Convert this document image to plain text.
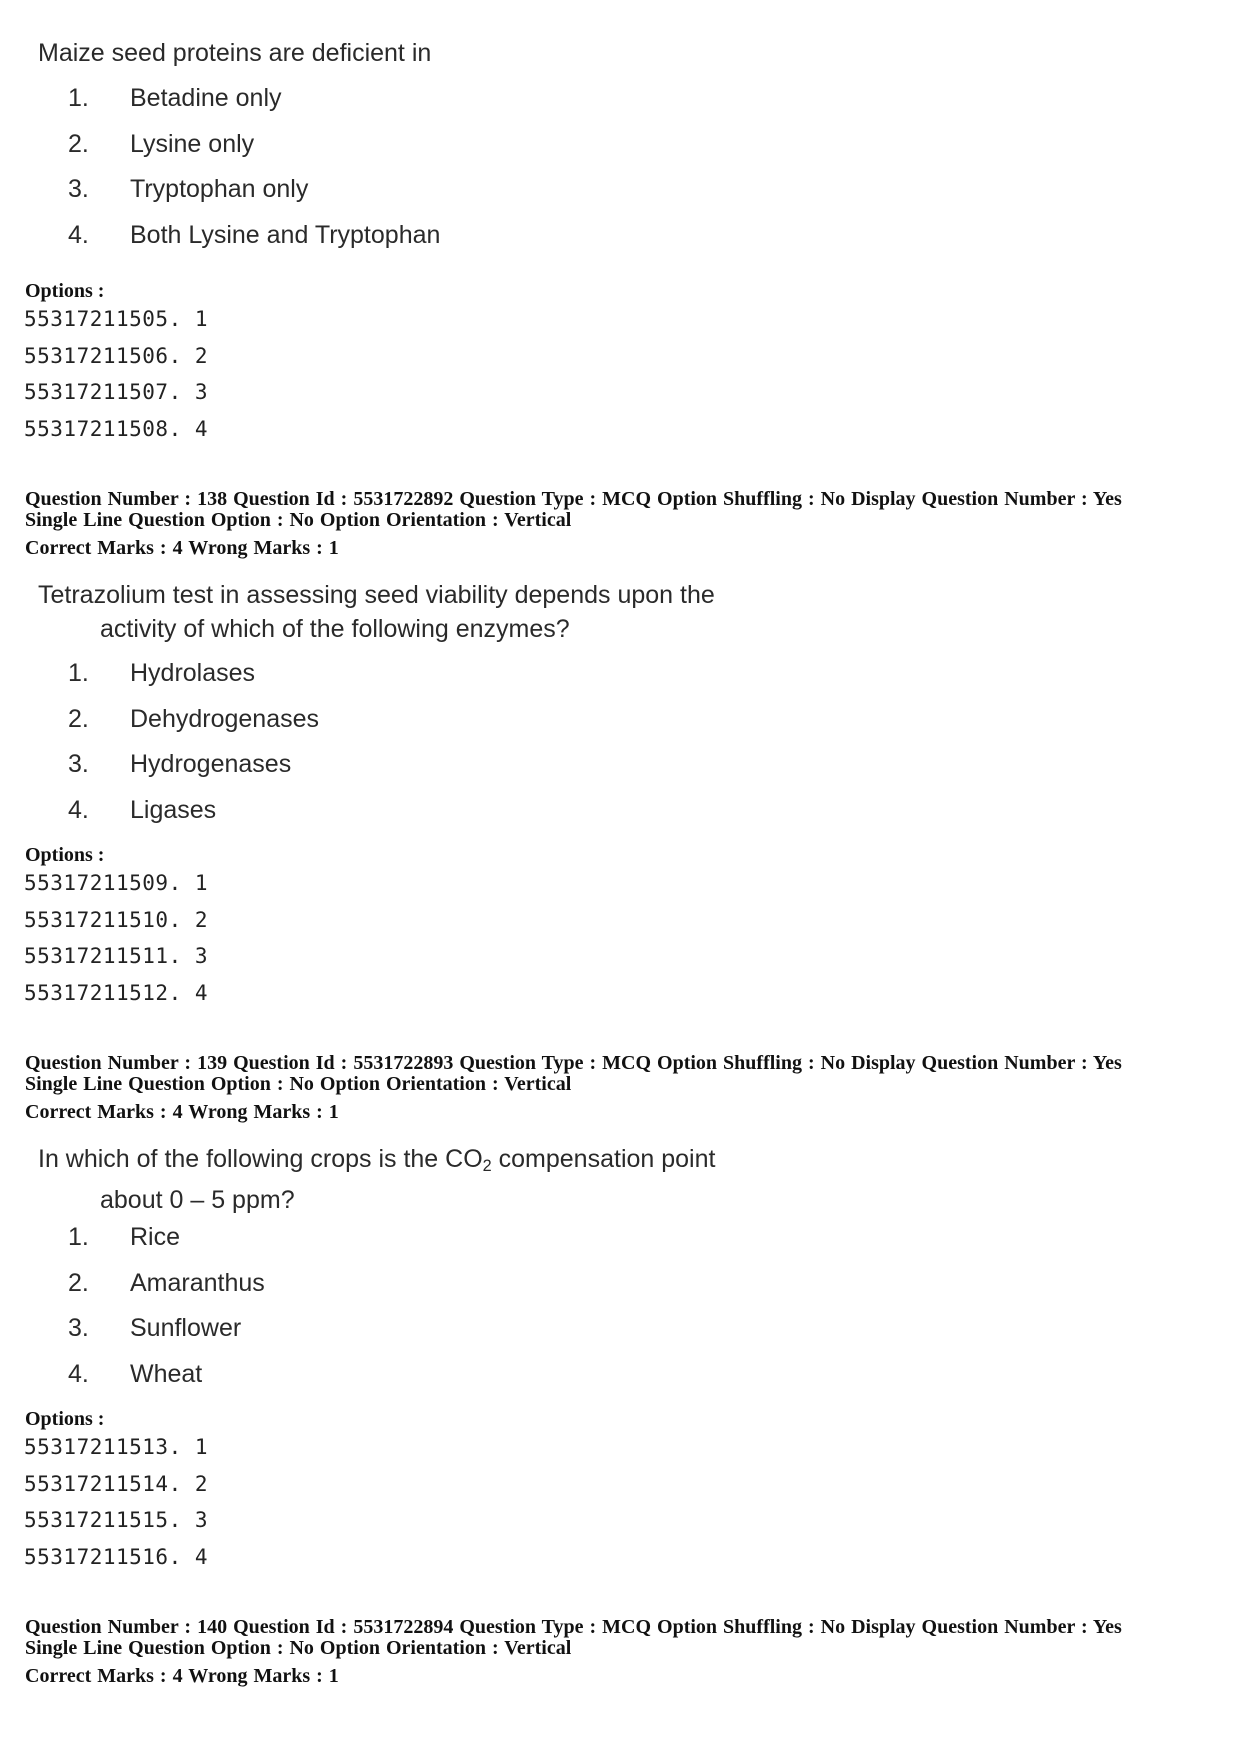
Maize seed proteins are deficient in
1.	Betadine only
2.	Lysine only
3.	Tryptophan only
4.	Both Lysine and Tryptophan
Options :
55317211505. 1
55317211506. 2
55317211507. 3
55317211508. 4
Question Number : 138 Question Id : 5531722892 Question Type : MCQ Option Shuffling : No Display Question Number : Yes
Single Line Question Option : No Option Orientation : Vertical
Correct Marks : 4 Wrong Marks : 1
Tetrazolium test in assessing seed viability depends upon the
activity of which of the following enzymes?
1.	Hydrolases
2.	Dehydrogenases
3.	Hydrogenases
4.	Ligases
Options :
55317211509. 1
55317211510. 2
55317211511. 3
55317211512. 4
Question Number : 139 Question Id : 5531722893 Question Type : MCQ Option Shuffling : No Display Question Number : Yes
Single Line Question Option : No Option Orientation : Vertical
Correct Marks : 4 Wrong Marks : 1
In which of the following crops is the $CO_2$ compensation point
about 0 – 5 ppm?
1.	Rice
2.	Amaranthus
3.	Sunflower
4.	Wheat
Options :
55317211513. 1
55317211514. 2
55317211515. 3
55317211516. 4
Question Number : 140 Question Id : 5531722894 Question Type : MCQ Option Shuffling : No Display Question Number : Yes
Single Line Question Option : No Option Orientation : Vertical
Correct Marks : 4 Wrong Marks : 1
